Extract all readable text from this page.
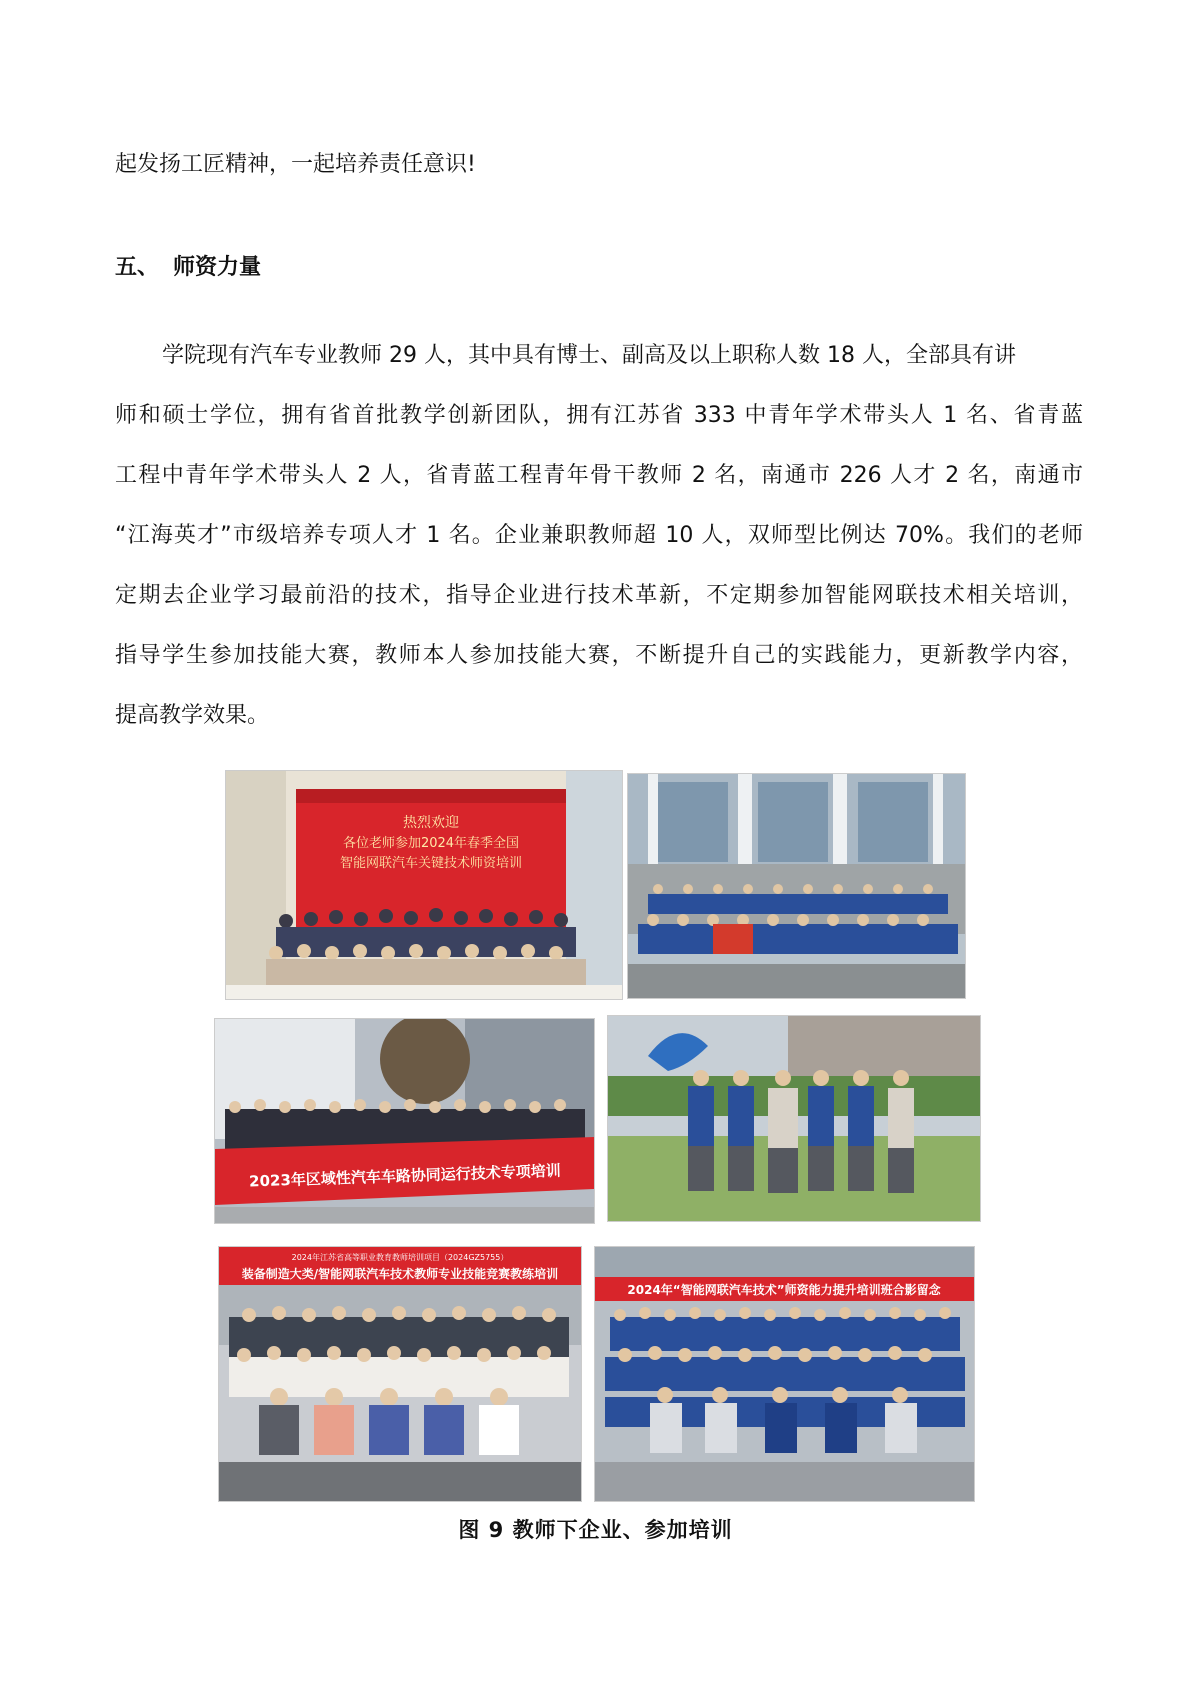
起发扬工匠精神，一起培养责任意识!
五、 师资力量
学院现有汽车专业教师 29 人，其中具有博士、副高及以上职称人数 18 人，全部具有讲
师和硕士学位，拥有省首批教学创新团队，拥有江苏省 333 中青年学术带头人 1 名、省青蓝
工程中青年学术带头人 2 人，省青蓝工程青年骨干教师 2 名，南通市 226 人才 2 名，南通市
“江海英才”市级培养专项人才 1 名。企业兼职教师超 10 人，双师型比例达 70%。我们的老师
定期去企业学习最前沿的技术，指导企业进行技术革新，不定期参加智能网联技术相关培训，
指导学生参加技能大赛，教师本人参加技能大赛，不断提升自己的实践能力，更新教学内容，
提高教学效果。
热烈欢迎
各位老师参加2024年春季全国
智能网联汽车关键技术师资培训
2023年区域性汽车车路协同运行技术专项培训
2024年江苏省高等职业教育教师培训项目（2024GZ5755）
装备制造大类/智能网联汽车技术教师专业技能竞赛教练培训
2024年“智能网联汽车技术”师资能力提升培训班合影留念
图 9 教师下企业、参加培训
